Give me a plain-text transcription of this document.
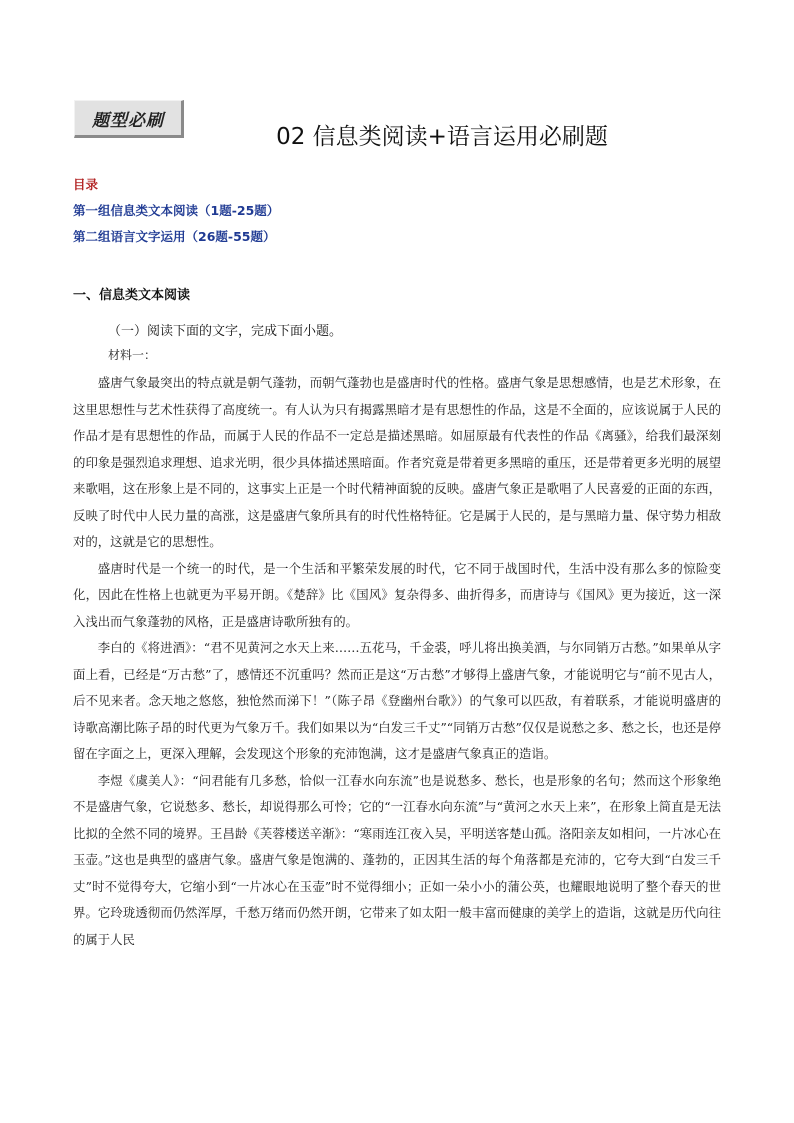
题型必刷
02 信息类阅读+语言运用必刷题
目录
第一组信息类文本阅读（1题-25题）
第二组语言文字运用（26题-55题）
一、信息类文本阅读
（一）阅读下面的文字，完成下面小题。
材料一：

盛唐气象最突出的特点就是朝气蓬勃，而朝气蓬勃也是盛唐时代的性格。盛唐气象是思想感情，也是艺术形象，在这里思想性与艺术性获得了高度统一。有人认为只有揭露黑暗才是有思想性的作品，这是不全面的，应该说属于人民的作品才是有思想性的作品，而属于人民的作品不一定总是描述黑暗。如屈原最有代表性的作品《离骚》，给我们最深刻的印象是强烈追求理想、追求光明，很少具体描述黑暗面。作者究竟是带着更多黑暗的重压，还是带着更多光明的展望来歌唱，这在形象上是不同的，这事实上正是一个时代精神面貌的反映。盛唐气象正是歌唱了人民喜爱的正面的东西，反映了时代中人民力量的高涨，这是盛唐气象所具有的时代性格特征。它是属于人民的，是与黑暗力量、保守势力相敌对的，这就是它的思想性。

盛唐时代是一个统一的时代，是一个生活和平繁荣发展的时代，它不同于战国时代，生活中没有那么多的惊险变化，因此在性格上也就更为平易开朗。《楚辞》比《国风》复杂得多、曲折得多，而唐诗与《国风》更为接近，这一深入浅出而气象蓬勃的风格，正是盛唐诗歌所独有的。

李白的《将进酒》：“君不见黄河之水天上来……五花马，千金裘，呼儿将出换美酒，与尔同销万古愁。”如果单从字面上看，已经是“万古愁”了，感情还不沉重吗？然而正是这“万古愁”才够得上盛唐气象，才能说明它与“前不见古人，后不见来者。念天地之悠悠，独怆然而涕下！”（陈子昂《登幽州台歌》）的气象可以匹敌，有着联系，才能说明盛唐的诗歌高潮比陈子昂的时代更为气象万千。我们如果以为“白发三千丈”“同销万古愁”仅仅是说愁之多、愁之长，也还是停留在字面之上，更深入理解，会发现这个形象的充沛饱满，这才是盛唐气象真正的造诣。

李煜《虞美人》：“问君能有几多愁，恰似一江春水向东流”也是说愁多、愁长，也是形象的名句；然而这个形象绝不是盛唐气象，它说愁多、愁长，却说得那么可怜；它的“一江春水向东流”与“黄河之水天上来”，在形象上简直是无法比拟的全然不同的境界。王昌龄《芙蓉楼送辛渐》：“寒雨连江夜入吴，平明送客楚山孤。洛阳亲友如相问，一片冰心在玉壶。”这也是典型的盛唐气象。盛唐气象是饱满的、蓬勃的，正因其生活的每个角落都是充沛的，它夸大到“白发三千丈”时不觉得夸大，它缩小到“一片冰心在玉壶”时不觉得细小；正如一朵小小的蒲公英，也耀眼地说明了整个春天的世界。它玲珑透彻而仍然浑厚，千愁万绪而仍然开朗，它带来了如太阳一般丰富而健康的美学上的造诣，这就是历代向往的属于人民
